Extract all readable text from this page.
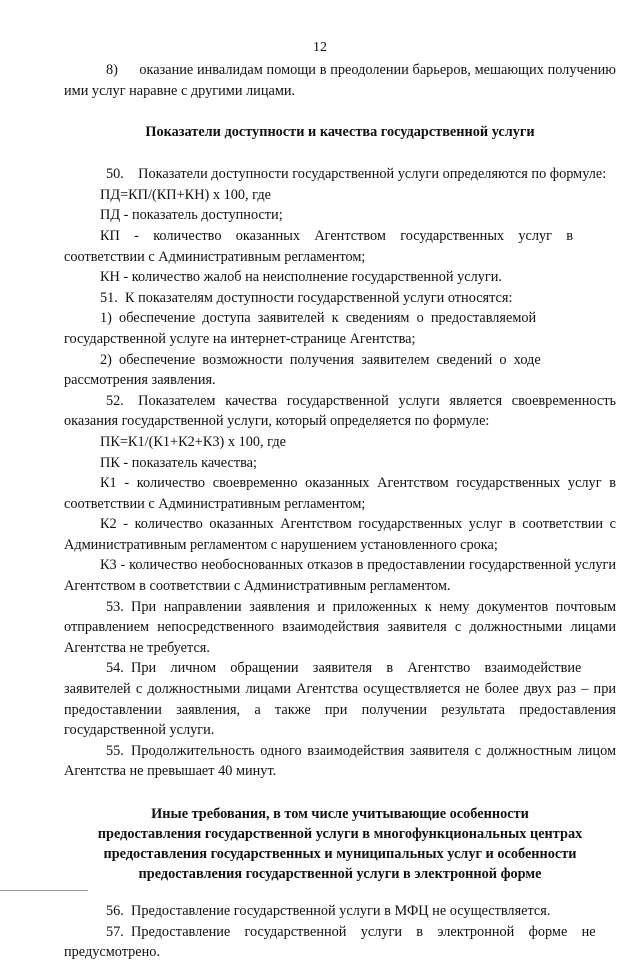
12

8)  оказание инвалидам помощи в преодолении барьеров, мешающих получению ими услуг наравне с другими лицами.

Показатели доступности и качества государственной услуги

50. Показатели доступности государственной услуги определяются по формуле:

ПД=КП/(КП+КН) х 100, где

ПД - показатель доступности;

КП - количество оказанных Агентством государственных услуг в соответствии с Административным регламентом;

КН - количество жалоб на неисполнение государственной услуги.

51. К показателям доступности государственной услуги относятся:

1) обеспечение доступа заявителей к сведениям о предоставляемой государственной услуге на интернет-странице Агентства;

2) обеспечение возможности получения заявителем сведений о ходе рассмотрения заявления.

52. Показателем качества государственной услуги является своевременность оказания государственной услуги, который определяется по формуле:

ПК=К1/(К1+К2+К3) х 100, где

ПК - показатель качества;

К1 - количество своевременно оказанных Агентством государственных услуг в соответствии с Административным регламентом;

К2 - количество оказанных Агентством государственных услуг в соответствии с Административным регламентом с нарушением установленного срока;

К3 - количество необоснованных отказов в предоставлении государственной услуги Агентством в соответствии с Административным регламентом.

53. При направлении заявления и приложенных к нему документов почтовым отправлением непосредственного взаимодействия заявителя с должностными лицами Агентства не требуется.

54. При личном обращении заявителя в Агентство взаимодействие заявителей с должностными лицами Агентства осуществляется не более двух раз – при предоставлении заявления, а также при получении результата предоставления государственной услуги.

55. Продолжительность одного взаимодействия заявителя с должностным лицом Агентства не превышает 40 минут.

Иные требования, в том числе учитывающие особенности

предоставления государственной услуги в многофункциональных центрах

предоставления государственных и муниципальных услуг и особенности

предоставления государственной услуги в электронной форме

56. Предоставление государственной услуги в МФЦ не осуществляется.

57. Предоставление государственной услуги в электронной форме не предусмотрено.
